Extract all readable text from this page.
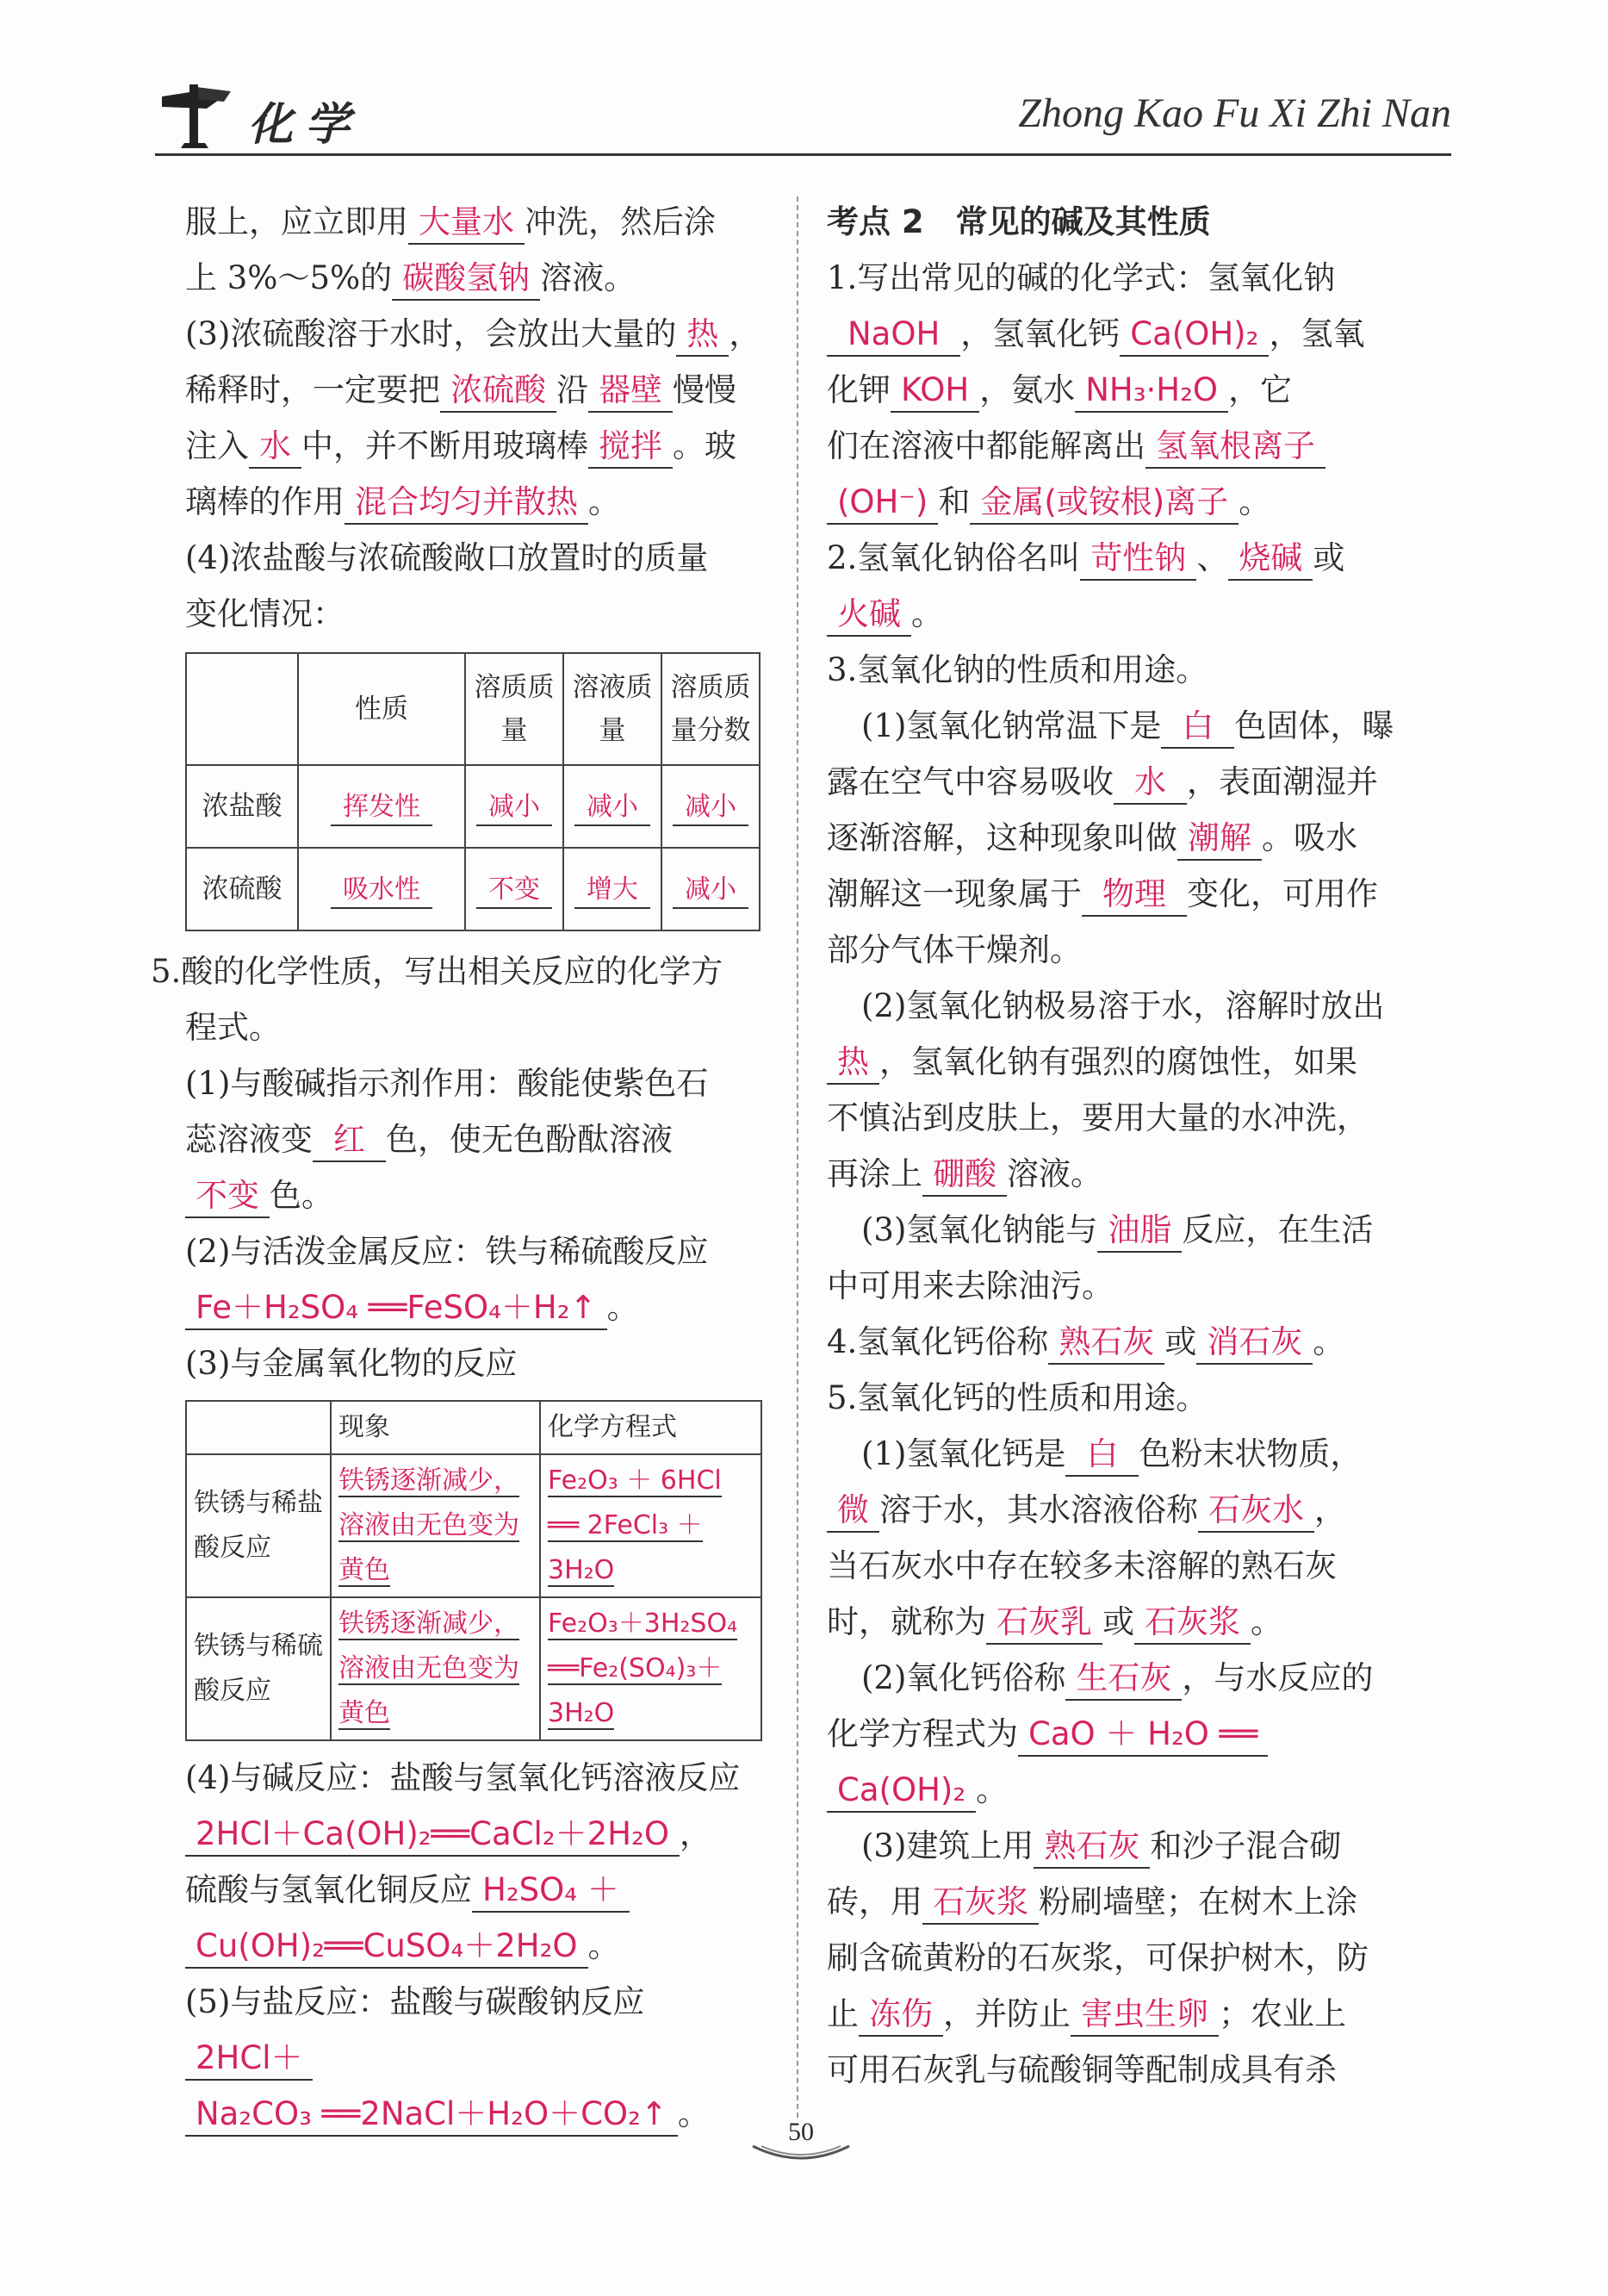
化学	Zhong Kao Fu Xi Zhi Nan

服上，应立即用 大量水 冲洗，然后涂

上 3%～5%的 碳酸氢钠 溶液。

(3)浓硫酸溶于水时，会放出大量的 热 ，

稀释时，一定要把 浓硫酸 沿 器壁 慢慢

注入 水 中，并不断用玻璃棒 搅拌 。玻

璃棒的作用 混合均匀并散热 。

(4)浓盐酸与浓硫酸敞口放置时的质量

变化情况：

	性质	溶质质量	溶液质量	溶质质量分数
浓盐酸	挥发性	减小	减小	减小
浓硫酸	吸水性	不变	增大	减小

5.酸的化学性质，写出相关反应的化学方

程式。

(1)与酸碱指示剂作用：酸能使紫色石

蕊溶液变 红 色，使无色酚酞溶液

不变 色。

(2)与活泼金属反应：铁与稀硫酸反应

Fe＋H₂SO₄ ══FeSO₄＋H₂↑ 。

(3)与金属氧化物的反应

	现象	化学方程式
铁锈与稀盐酸反应	铁锈逐渐减少，溶液由无色变为黄色	Fe₂O₃ ＋ 6HCl ══ 2FeCl₃ ＋3H₂O
铁锈与稀硫酸反应	铁锈逐渐减少，溶液由无色变为黄色	Fe₂O₃＋3H₂SO₄ ══Fe₂(SO₄)₃＋3H₂O

(4)与碱反应：盐酸与氢氧化钙溶液反应

2HCl＋Ca(OH)₂══CaCl₂＋2H₂O ，

硫酸与氢氧化铜反应 H₂SO₄ ＋

Cu(OH)₂══CuSO₄＋2H₂O 。

(5)与盐反应：盐酸与碳酸钠反应2HCl＋

Na₂CO₃ ══2NaCl＋H₂O＋CO₂↑ 。

考点 2　常见的碱及其性质

1.写出常见的碱的化学式：氢氧化钠

NaOH ，氢氧化钙 Ca(OH)₂ ，氢氧

化钾 KOH ，氨水 NH₃·H₂O ，它

们在溶液中都能解离出 氢氧根离子

(OH⁻) 和 金属(或铵根)离子 。

2.氢氧化钠俗名叫 苛性钠 、 烧碱 或

火碱 。

3.氢氧化钠的性质和用途。

(1)氢氧化钠常温下是 白 色固体，曝

露在空气中容易吸收 水 ，表面潮湿并

逐渐溶解，这种现象叫做 潮解 。吸水

潮解这一现象属于 物理 变化，可用作

部分气体干燥剂。

(2)氢氧化钠极易溶于水，溶解时放出

热 ，氢氧化钠有强烈的腐蚀性，如果

不慎沾到皮肤上，要用大量的水冲洗，

再涂上 硼酸 溶液。

(3)氢氧化钠能与 油脂 反应，在生活

中可用来去除油污。

4.氢氧化钙俗称 熟石灰 或 消石灰 。

5.氢氧化钙的性质和用途。

(1)氢氧化钙是 白 色粉末状物质，

微 溶于水，其水溶液俗称 石灰水 ，

当石灰水中存在较多未溶解的熟石灰

时，就称为 石灰乳 或 石灰浆 。

(2)氧化钙俗称 生石灰 ，与水反应的

化学方程式为 CaO ＋ H₂O ══

Ca(OH)₂ 。

(3)建筑上用 熟石灰 和沙子混合砌

砖，用 石灰浆 粉刷墙壁；在树木上涂

刷含硫黄粉的石灰浆，可保护树木，防

止 冻伤 ，并防止 害虫生卵 ；农业上

可用石灰乳与硫酸铜等配制成具有杀

50
